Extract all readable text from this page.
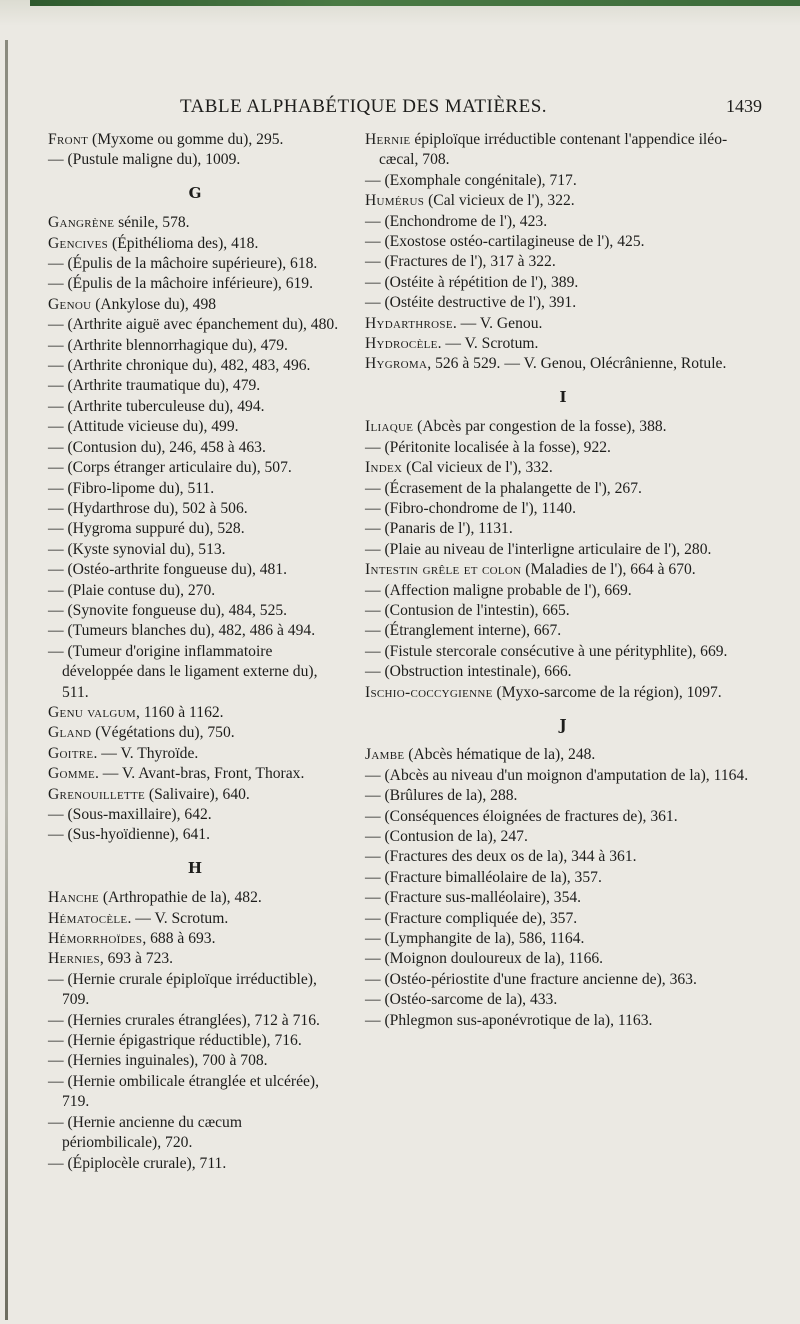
TABLE ALPHABÉTIQUE DES MATIÈRES.	1439

Front (Myxome ou gomme du), 295.

— (Pustule maligne du), 1009.

G

Gangrène sénile, 578.

Gencives (Épithélioma des), 418.

— (Épulis de la mâchoire supérieure), 618.

— (Épulis de la mâchoire inférieure), 619.

Genou (Ankylose du), 498

— (Arthrite aiguë avec épanchement du), 480.

— (Arthrite blennorrhagique du), 479.

— (Arthrite chronique du), 482, 483, 496.

— (Arthrite traumatique du), 479.

— (Arthrite tuberculeuse du), 494.

— (Attitude vicieuse du), 499.

— (Contusion du), 246, 458 à 463.

— (Corps étranger articulaire du), 507.

— (Fibro-lipome du), 511.

— (Hydarthrose du), 502 à 506.

— (Hygroma suppuré du), 528.

— (Kyste synovial du), 513.

— (Ostéo-arthrite fongueuse du), 481.

— (Plaie contuse du), 270.

— (Synovite fongueuse du), 484, 525.

— (Tumeurs blanches du), 482, 486 à 494.

— (Tumeur d'origine inflammatoire développée dans le ligament externe du), 511.

Genu valgum, 1160 à 1162.

Gland (Végétations du), 750.

Goitre. — V. Thyroïde.

Gomme. — V. Avant-bras, Front, Thorax.

Grenouillette (Salivaire), 640.

— (Sous-maxillaire), 642.

— (Sus-hyoïdienne), 641.

H

Hanche (Arthropathie de la), 482.

Hématocèle. — V. Scrotum.

Hémorrhoïdes, 688 à 693.

Hernies, 693 à 723.

— (Hernie crurale épiploïque irréductible), 709.

— (Hernies crurales étranglées), 712 à 716.

— (Hernie épigastrique réductible), 716.

— (Hernies inguinales), 700 à 708.

— (Hernie ombilicale étranglée et ulcérée), 719.

— (Hernie ancienne du cæcum périombilicale), 720.

— (Épiplocèle crurale), 711.

Hernie épiploïque irréductible contenant l'appendice iléo-cæcal, 708.

— (Exomphale congénitale), 717.

Humérus (Cal vicieux de l'), 322.

— (Enchondrome de l'), 423.

— (Exostose ostéo-cartilagineuse de l'), 425.

— (Fractures de l'), 317 à 322.

— (Ostéite à répétition de l'), 389.

— (Ostéite destructive de l'), 391.

Hydarthrose. — V. Genou.

Hydrocèle. — V. Scrotum.

Hygroma, 526 à 529. — V. Genou, Olécrânienne, Rotule.

I

Iliaque (Abcès par congestion de la fosse), 388.

— (Péritonite localisée à la fosse), 922.

Index (Cal vicieux de l'), 332.

— (Écrasement de la phalangette de l'), 267.

— (Fibro-chondrome de l'), 1140.

— (Panaris de l'), 1131.

— (Plaie au niveau de l'interligne articulaire de l'), 280.

Intestin grêle et colon (Maladies de l'), 664 à 670.

— (Affection maligne probable de l'), 669.

— (Contusion de l'intestin), 665.

— (Étranglement interne), 667.

— (Fistule stercorale consécutive à une pérityphlite), 669.

— (Obstruction intestinale), 666.

Ischio-coccygienne (Myxo-sarcome de la région), 1097.

J

Jambe (Abcès hématique de la), 248.

— (Abcès au niveau d'un moignon d'amputation de la), 1164.

— (Brûlures de la), 288.

— (Conséquences éloignées de fractures de), 361.

— (Contusion de la), 247.

— (Fractures des deux os de la), 344 à 361.

— (Fracture bimalléolaire de la), 357.

— (Fracture sus-malléolaire), 354.

— (Fracture compliquée de), 357.

— (Lymphangite de la), 586, 1164.

— (Moignon douloureux de la), 1166.

— (Ostéo-périostite d'une fracture ancienne de), 363.

— (Ostéo-sarcome de la), 433.

— (Phlegmon sus-aponévrotique de la), 1163.
